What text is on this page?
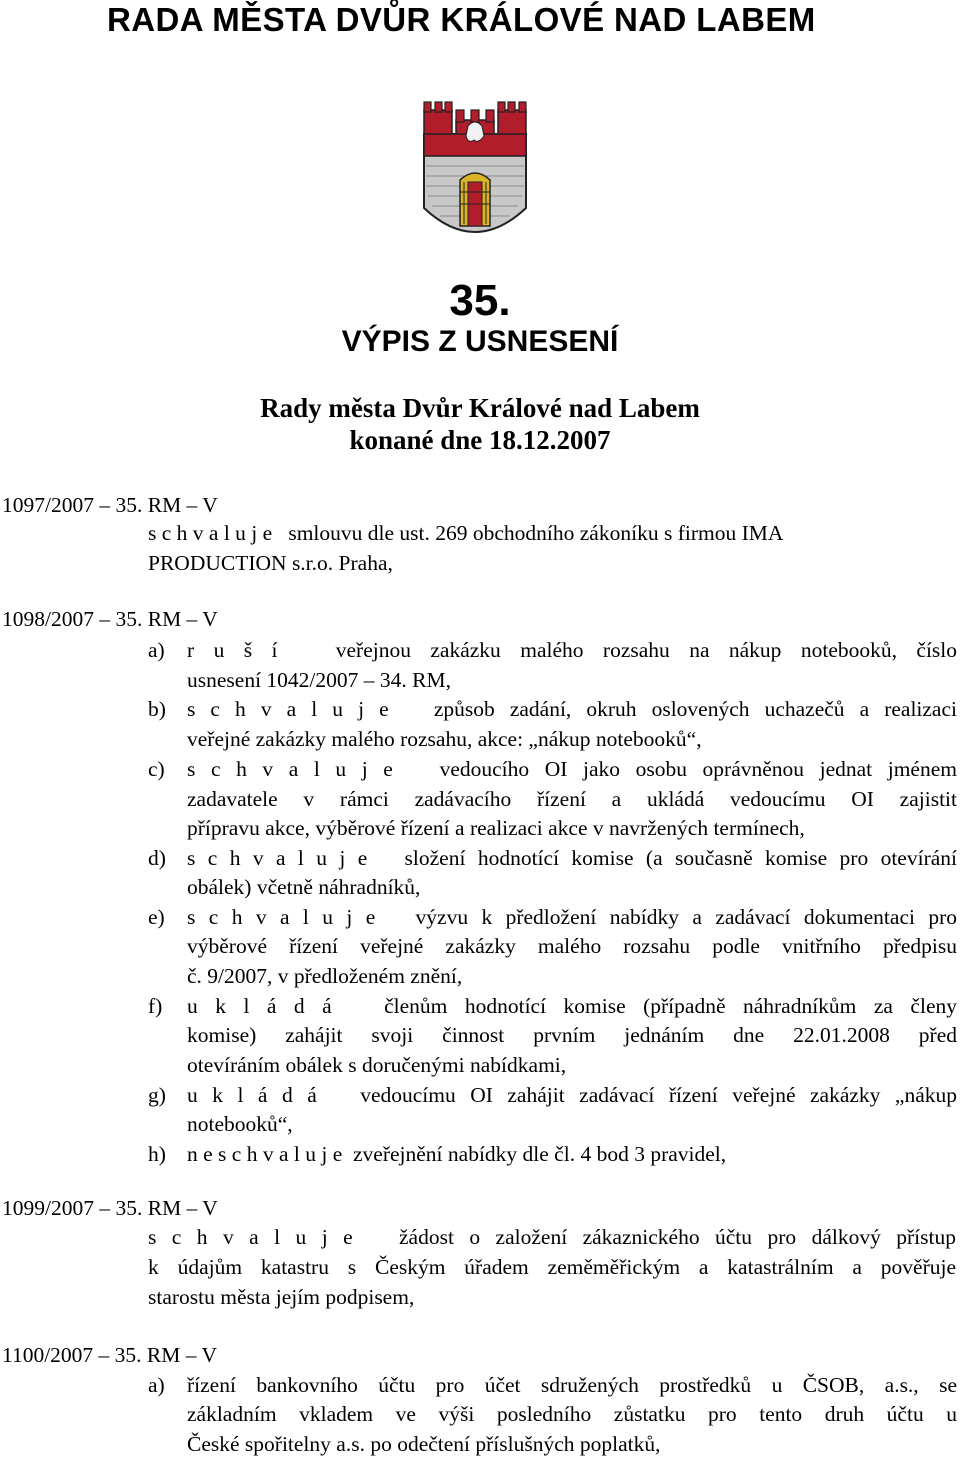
RADA MĚSTA DVŮR KRÁLOVÉ NAD LABEM
35.
VÝPIS Z USNESENÍ
Rady města Dvůr Králové nad Labem
konané dne 18.12.2007
1097/2007 – 35. RM – V
s c h v a l u j e smlouvu dle ust. 269 obchodního zákoníku s firmou IMA
PRODUCTION s.r.o. Praha,
1098/2007 – 35. RM – V
a) r u š í	veřejnou zakázku malého rozsahu na nákup notebooků, číslo
usnesení 1042/2007 – 34. RM,
b) s c h v a l u j e způsob zadání, okruh oslovených uchazečů a realizaci
veřejné zakázky malého rozsahu, akce: „nákup notebooků“,
c) s c h v a l u j e vedoucího OI jako osobu oprávněnou jednat jménem
zadavatele v rámci zadávacího řízení a ukládá vedoucímu OI zajistit
přípravu akce, výběrové řízení a realizaci akce v navržených termínech,
d) s c h v a l u j e složení hodnotící komise (a současně komise pro otevírání
obálek) včetně náhradníků,
e) s c h v a l u j e výzvu k předložení nabídky a zadávací dokumentaci pro
výběrové řízení veřejné zakázky malého rozsahu podle vnitřního předpisu
č. 9/2007, v předloženém znění,
f) u k l á d á členům hodnotící komise (případně náhradníkům za členy
komise) zahájit svoji činnost prvním jednáním dne 22.01.2008 před
otevíráním obálek s doručenými nabídkami,
g) u k l á d á vedoucímu OI zahájit zadávací řízení veřejné zakázky „nákup
notebooků“,
h) n e s c h v a l u j e zveřejnění nabídky dle čl. 4 bod 3 pravidel,
1099/2007 – 35. RM – V
s c h v a l u j e žádost o založení zákaznického účtu pro dálkový přístup
k údajům katastru s Českým úřadem zeměměřickým a katastrálním a pověřuje
starostu města jejím podpisem,
1100/2007 – 35. RM – V
a) řízení bankovního účtu pro účet sdružených prostředků u ČSOB, a.s., se
základním vkladem ve výši posledního zůstatku pro tento druh účtu u
České spořitelny a.s. po odečtení příslušných poplatků,
